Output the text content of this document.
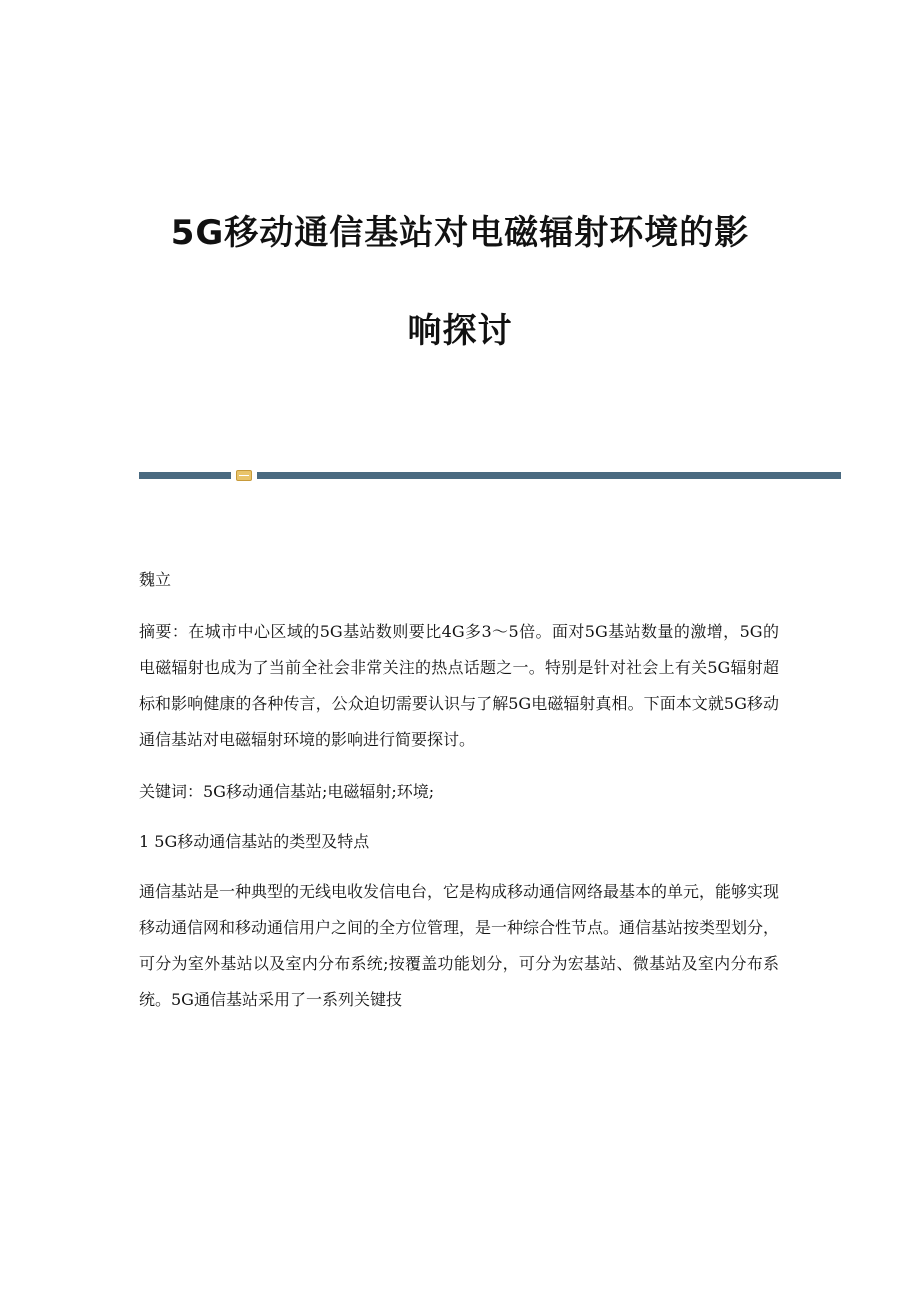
5G移动通信基站对电磁辐射环境的影

响探讨

魏立

摘要：在城市中心区域的5G基站数则要比4G多3～5倍。面对5G基站数量的激增，5G的电磁辐射也成为了当前全社会非常关注的热点话题之一。特别是针对社会上有关5G辐射超标和影响健康的各种传言，公众迫切需要认识与了解5G电磁辐射真相。下面本文就5G移动通信基站对电磁辐射环境的影响进行简要探讨。

关键词：5G移动通信基站;电磁辐射;环境;

1 5G移动通信基站的类型及特点

通信基站是一种典型的无线电收发信电台，它是构成移动通信网络最基本的单元，能够实现移动通信网和移动通信用户之间的全方位管理，是一种综合性节点。通信基站按类型划分，可分为室外基站以及室内分布系统;按覆盖功能划分，可分为宏基站、微基站及室内分布系统。5G通信基站采用了一系列关键技
